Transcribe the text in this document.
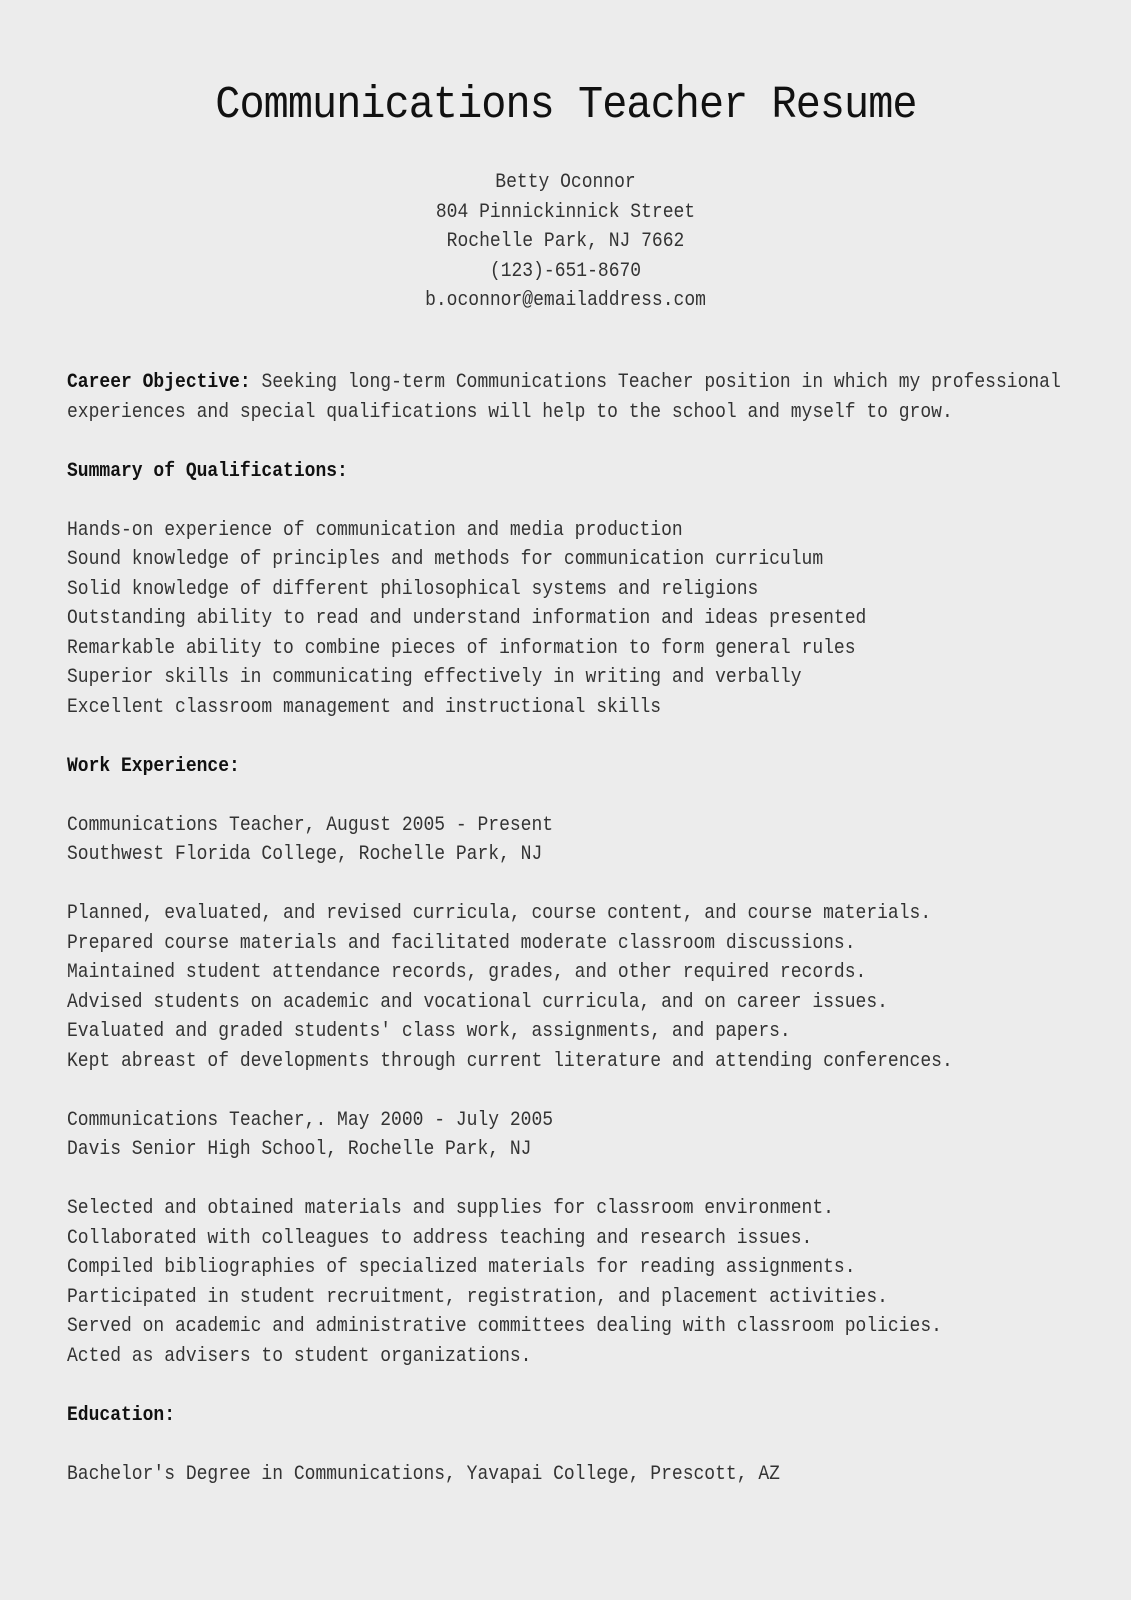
Communications Teacher Resume
Betty Oconnor
804 Pinnickinnick Street
Rochelle Park, NJ 7662
(123)-651-8670
b.oconnor@emailaddress.com
Career Objective: Seeking long-term Communications Teacher position in which my professional
experiences and special qualifications will help to the school and myself to grow.
Summary of Qualifications:
Hands-on experience of communication and media production
Sound knowledge of principles and methods for communication curriculum
Solid knowledge of different philosophical systems and religions
Outstanding ability to read and understand information and ideas presented
Remarkable ability to combine pieces of information to form general rules
Superior skills in communicating effectively in writing and verbally
Excellent classroom management and instructional skills
Work Experience:
Communications Teacher, August 2005 - Present
Southwest Florida College, Rochelle Park, NJ
Planned, evaluated, and revised curricula, course content, and course materials.
Prepared course materials and facilitated moderate classroom discussions.
Maintained student attendance records, grades, and other required records.
Advised students on academic and vocational curricula, and on career issues.
Evaluated and graded students' class work, assignments, and papers.
Kept abreast of developments through current literature and attending conferences.
Communications Teacher,. May 2000 - July 2005
Davis Senior High School, Rochelle Park, NJ
Selected and obtained materials and supplies for classroom environment.
Collaborated with colleagues to address teaching and research issues.
Compiled bibliographies of specialized materials for reading assignments.
Participated in student recruitment, registration, and placement activities.
Served on academic and administrative committees dealing with classroom policies.
Acted as advisers to student organizations.
Education:
Bachelor's Degree in Communications, Yavapai College, Prescott, AZ
